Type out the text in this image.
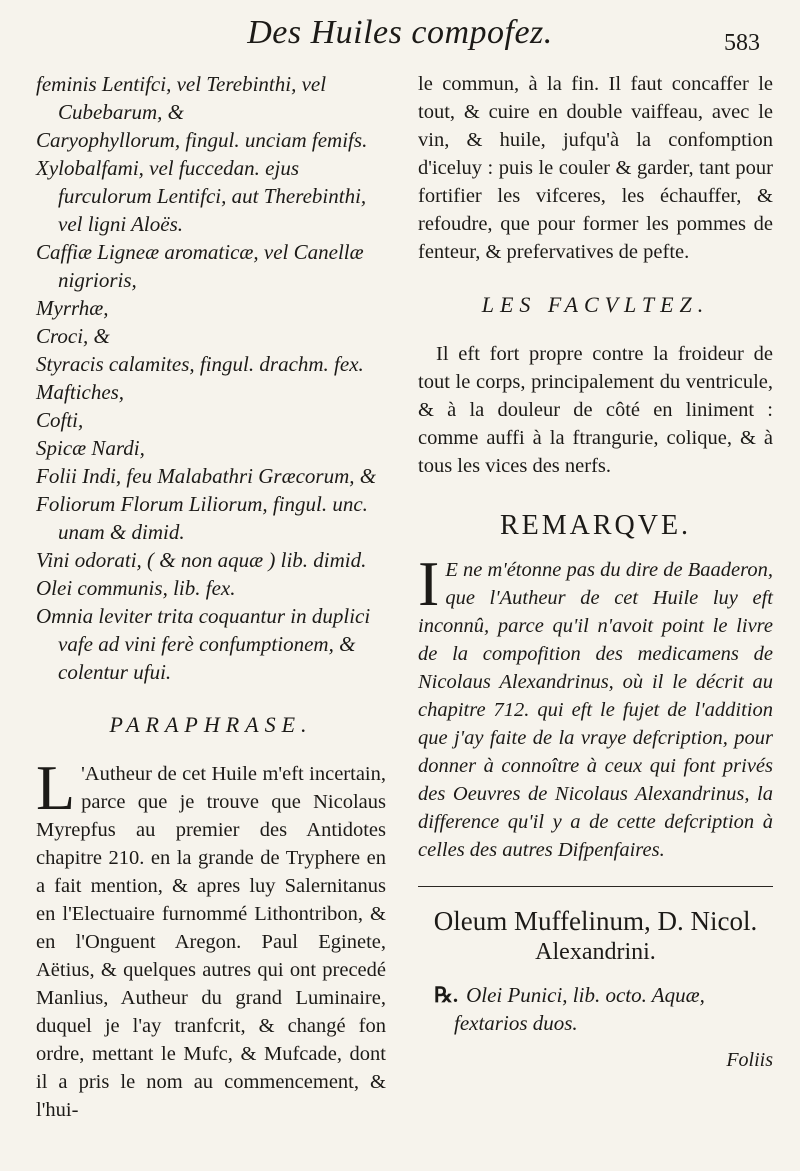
Des Huiles compofez.	583

feminis Lentifci, vel Terebinthi, vel Cubebarum, &

Caryophyllorum, fingul. unciam femifs.

Xylobalfami, vel fuccedan. ejus furculorum Lentifci, aut Therebinthi, vel ligni Aloës.

Caffiæ Ligneæ aromaticæ, vel Canellæ nigrioris,

Myrrhæ,

Croci, &

Styracis calamites, fingul. drachm. fex.

Maftiches,

Cofti,

Spicæ Nardi,

Folii Indi, feu Malabathri Græcorum, &

Foliorum Florum Liliorum, fingul. unc. unam & dimid.

Vini odorati, ( & non aquæ ) lib. dimid.

Olei communis, lib. fex.

Omnia leviter trita coquantur in duplici vafe ad vini ferè confumptionem, & colentur ufui.

PARAPHRASE.
L 'Autheur de cet Huile m'eft incertain, parce que je trouve que Nicolaus Myrepfus au premier des Antidotes chapitre 210. en la grande de Tryphere en a fait mention, & apres luy Salernitanus en l'Electuaire furnommé Lithontribon, & en l'Onguent Aregon. Paul Eginete, Aëtius, & quelques autres qui ont precedé Manlius, Autheur du grand Luminaire, duquel je l'ay tranfcrit, & changé fon ordre, mettant le Mufc, & Mufcade, dont il a pris le nom au commencement, & l'hui-

le commun, à la fin. Il faut concaffer le tout, & cuire en double vaiffeau, avec le vin, & huile, jufqu'à la confomption d'iceluy : puis le couler & garder, tant pour fortifier les vifceres, les échauffer, & refoudre, que pour former les pommes de fenteur, & prefervatives de pefte.

LES FACVLTEZ.

Il eft fort propre contre la froideur de tout le corps, principalement du ventricule, & à la douleur de côté en liniment : comme auffi à la ftrangurie, colique, & à tous les vices des nerfs.

REMARQVE.
I E ne m'étonne pas du dire de Baaderon, que l'Autheur de cet Huile luy eft inconnû, parce qu'il n'avoit point le livre de la compofition des medicamens de Nicolaus Alexandrinus, où il le décrit au chapitre 712. qui eft le fujet de l'addition que j'ay faite de la vraye defcription, pour donner à connoître à ceux qui font privés des Oeuvres de Nicolaus Alexandrinus, la difference qu'il y a de cette defcription à celles des autres Difpenfaires.

Oleum Muffelinum, D. Nicol.

Alexandrini.

℞. Olei Punici, lib. octo. Aquæ, fextarios duos.

Foliis
